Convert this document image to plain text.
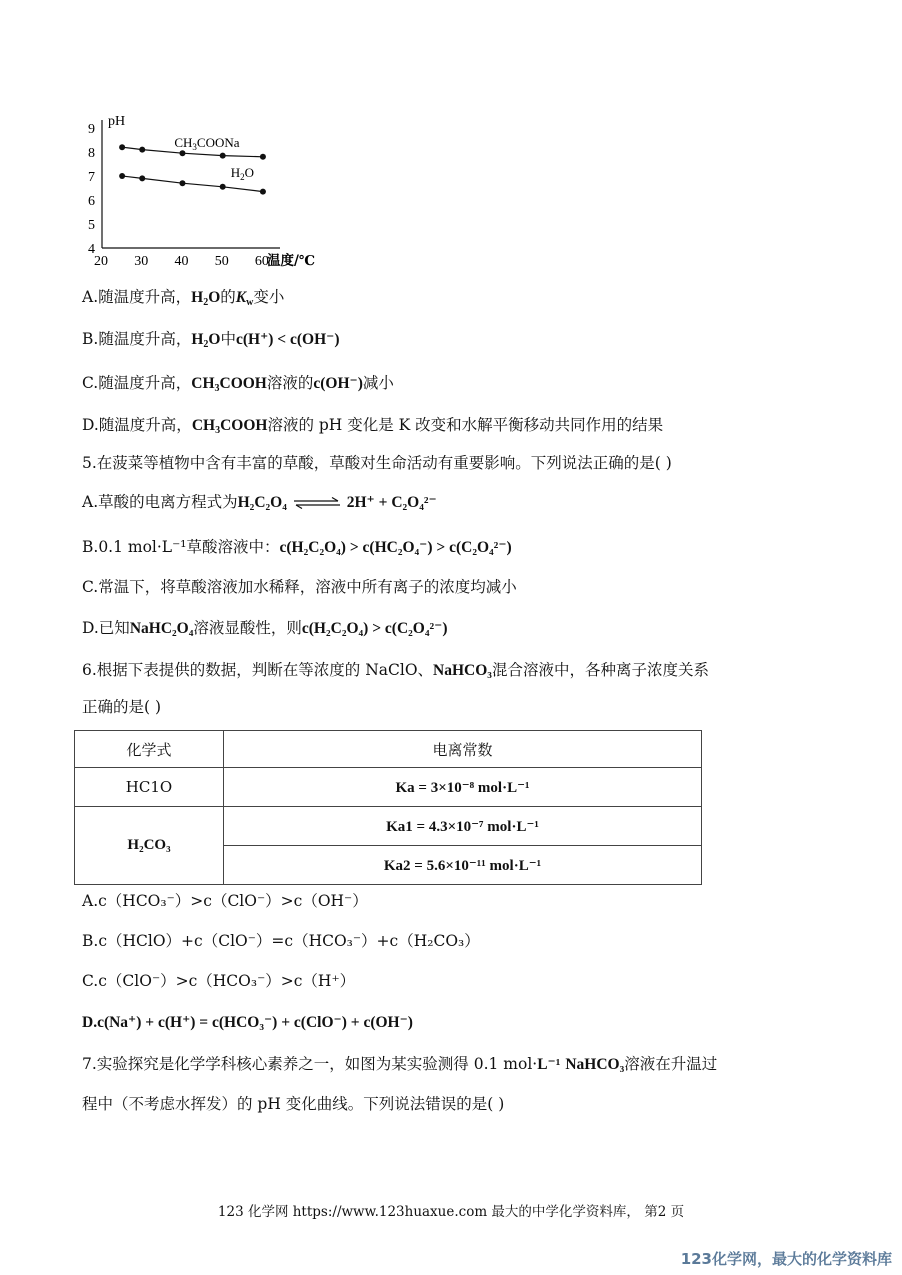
pH
温度/℃
4
5
6
7
8
9
20 30 40 50 60
$CH_3COONa$
$H_2O$
A.随温度升高，$H_2O$的$K_w$变小
B.随温度升高，$H_2O$中c(H⁺) < c(OH⁻)
C.随温度升高，$CH_3COOH$溶液的c(OH⁻)减小
D.随温度升高，$CH_3COOH$溶液的 pH 变化是 K 改变和水解平衡移动共同作用的结果
5.在菠菜等植物中含有丰富的草酸，草酸对生命活动有重要影响。下列说法正确的是( )
A.草酸的电离方程式为H₂C₂O₄ ⇌ 2H⁺ + C₂O₄²⁻
B.0.1 mol·L⁻¹草酸溶液中：c(H₂C₂O₄) > c(HC₂O₄⁻) > c(C₂O₄²⁻)
C.常温下，将草酸溶液加水稀释，溶液中所有离子的浓度均减小
D.已知NaHC₂O₄溶液显酸性，则c(H₂C₂O₄) > c(C₂O₄²⁻)
6.根据下表提供的数据，判断在等浓度的 NaClO、NaHCO₃混合溶液中，各种离子浓度关系
正确的是( )
化学式	电离常数
HC1O	Ka = 3×10⁻⁸ mol·L⁻¹
H₂CO₃	Ka1 = 4.3×10⁻⁷ mol·L⁻¹
	Ka2 = 5.6×10⁻¹¹ mol·L⁻¹
A.c（HCO₃⁻）>c（ClO⁻）>c（OH⁻）
B.c（HClO）+c（ClO⁻）=c（HCO₃⁻）+c（H₂CO₃）
C.c（ClO⁻）>c（HCO₃⁻）>c（H⁺）
D.c(Na⁺) + c(H⁺) = c(HCO₃⁻) + c(ClO⁻) + c(OH⁻)
7.实验探究是化学学科核心素养之一，如图为某实验测得 0.1 mol·L⁻¹ NaHCO₃溶液在升温过
程中（不考虑水挥发）的 pH 变化曲线。下列说法错误的是( )
123 化学网 https://www.123huaxue.com 最大的中学化学资料库， 第2 页
123化学网，最大的化学资料库
